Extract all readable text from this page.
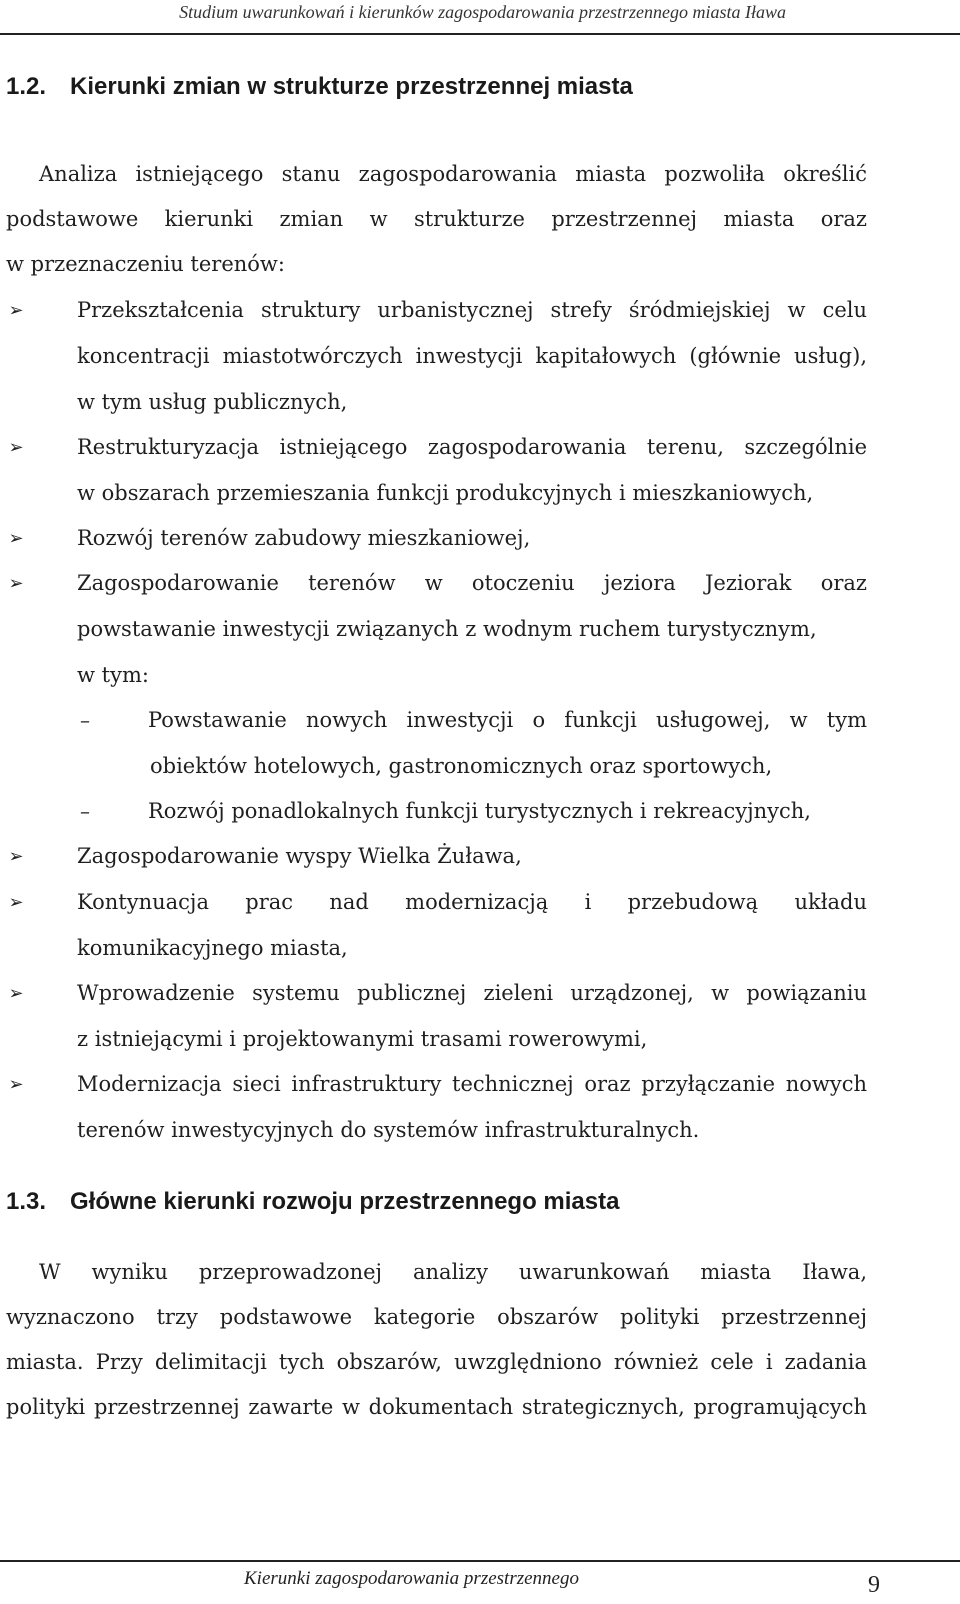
Studium uwarunkowań i kierunków zagospodarowania przestrzennego miasta Iława
1.2. Kierunki zmian w strukturze przestrzennej miasta

Analiza istniejącego stanu zagospodarowania miasta pozwoliła określić

podstawowe kierunki zmian w strukturze przestrzennej miasta oraz

w przeznaczeniu terenów:

➢	Przekształcenia struktury urbanistycznej strefy śródmiejskiej w celu

koncentracji miastotwórczych inwestycji kapitałowych (głównie usług),

w tym usług publicznych,

➢	Restrukturyzacja istniejącego zagospodarowania terenu, szczególnie

w obszarach przemieszania funkcji produkcyjnych i mieszkaniowych,

➢	Rozwój terenów zabudowy mieszkaniowej,

➢	Zagospodarowanie terenów w otoczeniu jeziora Jeziorak oraz

powstawanie inwestycji związanych z wodnym ruchem turystycznym,

w tym:

–	Powstawanie nowych inwestycji o funkcji usługowej, w tym

obiektów hotelowych, gastronomicznych oraz sportowych,

–	Rozwój ponadlokalnych funkcji turystycznych i rekreacyjnych,

➢	Zagospodarowanie wyspy Wielka Żuława,

➢	Kontynuacja prac nad modernizacją i przebudową układu

komunikacyjnego miasta,

➢	Wprowadzenie systemu publicznej zieleni urządzonej, w powiązaniu

z istniejącymi i projektowanymi trasami rowerowymi,

➢	Modernizacja sieci infrastruktury technicznej oraz przyłączanie nowych

terenów inwestycyjnych do systemów infrastrukturalnych.

1.3. Główne kierunki rozwoju przestrzennego miasta

W wyniku przeprowadzonej analizy uwarunkowań miasta Iława,

wyznaczono trzy podstawowe kategorie obszarów polityki przestrzennej

miasta. Przy delimitacji tych obszarów, uwzględniono również cele i zadania

polityki przestrzennej zawarte w dokumentach strategicznych, programujących

Kierunki zagospodarowania przestrzennego	9
